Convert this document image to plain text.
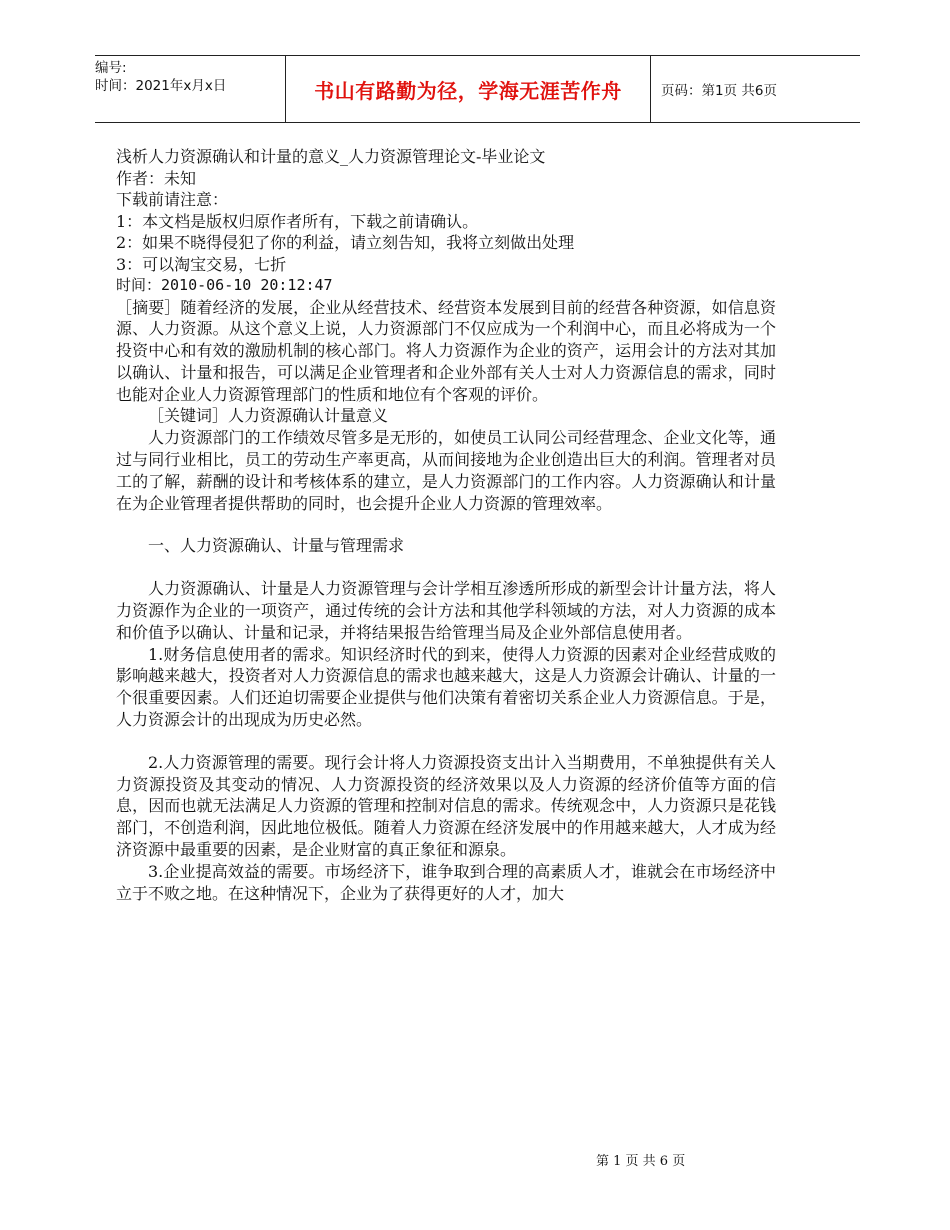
编号:
时间：2021年x月x日	书山有路勤为径，学海无涯苦作舟	页码：第1页 共6页
浅析人力资源确认和计量的意义_人力资源管理论文-毕业论文
作者：未知
下载前请注意：
1：本文档是版权归原作者所有，下载之前请确认。
2：如果不晓得侵犯了你的利益，请立刻告知，我将立刻做出处理
3：可以淘宝交易，七折
时间：2010-06-10 20:12:47

［摘要］随着经济的发展，企业从经营技术、经营资本发展到目前的经营各种资源，如信息资源、人力资源。从这个意义上说，人力资源部门不仅应成为一个利润中心，而且必将成为一个投资中心和有效的激励机制的核心部门。将人力资源作为企业的资产，运用会计的方法对其加以确认、计量和报告，可以满足企业管理者和企业外部有关人士对人力资源信息的需求，同时也能对企业人力资源管理部门的性质和地位有个客观的评价。

［关键词］人力资源确认计量意义

人力资源部门的工作绩效尽管多是无形的，如使员工认同公司经营理念、企业文化等，通过与同行业相比，员工的劳动生产率更高，从而间接地为企业创造出巨大的利润。管理者对员工的了解，薪酬的设计和考核体系的建立，是人力资源部门的工作内容。人力资源确认和计量在为企业管理者提供帮助的同时，也会提升企业人力资源的管理效率。

一、人力资源确认、计量与管理需求

人力资源确认、计量是人力资源管理与会计学相互渗透所形成的新型会计计量方法，将人力资源作为企业的一项资产，通过传统的会计方法和其他学科领域的方法，对人力资源的成本和价值予以确认、计量和记录，并将结果报告给管理当局及企业外部信息使用者。

1.财务信息使用者的需求。知识经济时代的到来，使得人力资源的因素对企业经营成败的影响越来越大，投资者对人力资源信息的需求也越来越大，这是人力资源会计确认、计量的一个很重要因素。人们还迫切需要企业提供与他们决策有着密切关系企业人力资源信息。于是，人力资源会计的出现成为历史必然。

2.人力资源管理的需要。现行会计将人力资源投资支出计入当期费用，不单独提供有关人力资源投资及其变动的情况、人力资源投资的经济效果以及人力资源的经济价值等方面的信息，因而也就无法满足人力资源的管理和控制对信息的需求。传统观念中，人力资源只是花钱部门，不创造利润，因此地位极低。随着人力资源在经济发展中的作用越来越大，人才成为经济资源中最重要的因素，是企业财富的真正象征和源泉。

3.企业提高效益的需要。市场经济下，谁争取到合理的高素质人才，谁就会在市场经济中立于不败之地。在这种情况下，企业为了获得更好的人才，加大

第 1 页 共 6 页
